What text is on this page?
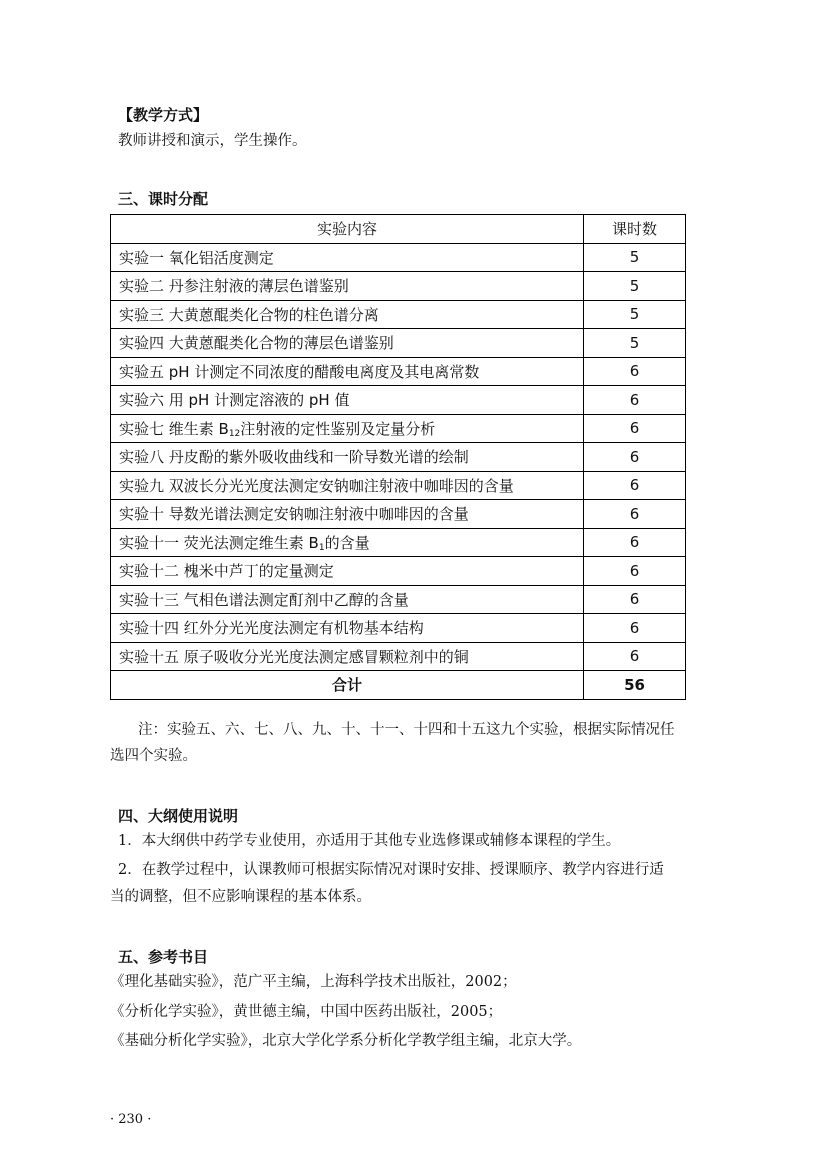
【教学方式】
教师讲授和演示，学生操作。
三、课时分配
实验内容	课时数
实验一 氧化铝活度测定	5
实验二 丹参注射液的薄层色谱鉴别	5
实验三 大黄蒽醌类化合物的柱色谱分离	5
实验四 大黄蒽醌类化合物的薄层色谱鉴别	5
实验五 pH 计测定不同浓度的醋酸电离度及其电离常数	6
实验六 用 pH 计测定溶液的 pH 值	6
实验七 维生素 $B_{12}$注射液的定性鉴别及定量分析	6
实验八 丹皮酚的紫外吸收曲线和一阶导数光谱的绘制	6
实验九 双波长分光光度法测定安钠咖注射液中咖啡因的含量	6
实验十 导数光谱法测定安钠咖注射液中咖啡因的含量	6
实验十一 荧光法测定维生素 $B_1$的含量	6
实验十二 槐米中芦丁的定量测定	6
实验十三 气相色谱法测定酊剂中乙醇的含量	6
实验十四 红外分光光度法测定有机物基本结构	6
实验十五 原子吸收分光光度法测定感冒颗粒剂中的铜	6
合计	56
注：实验五、六、七、八、九、十、十一、十四和十五这九个实验，根据实际情况任
选四个实验。
四、大纲使用说明
1．本大纲供中药学专业使用，亦适用于其他专业选修课或辅修本课程的学生。
2．在教学过程中，认课教师可根据实际情况对课时安排、授课顺序、教学内容进行适
当的调整，但不应影响课程的基本体系。
五、参考书目
《理化基础实验》，范广平主编，上海科学技术出版社，2002；
《分析化学实验》，黄世德主编，中国中医药出版社，2005；
《基础分析化学实验》，北京大学化学系分析化学教学组主编，北京大学。
· 230 ·
